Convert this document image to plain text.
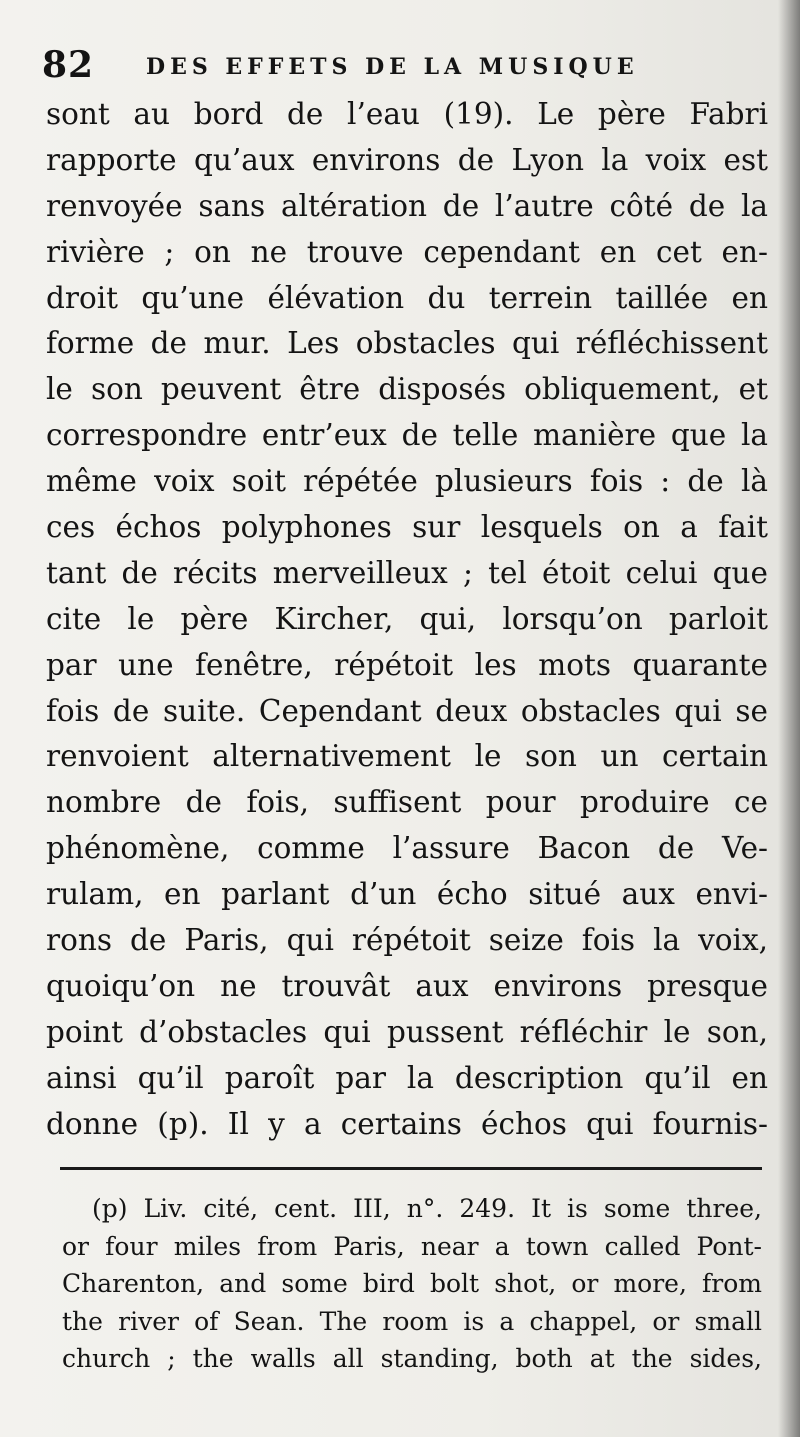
82 DES EFFETS DE LA MUSIQUE
sont au bord de l’eau (19). Le père Fabri
rapporte qu’aux environs de Lyon la voix est
renvoyée sans altération de l’autre côté de la
rivière ; on ne trouve cependant en cet en-
droit qu’une élévation du terrein taillée en
forme de mur. Les obstacles qui réfléchissent
le son peuvent être disposés obliquement, et
correspondre entr’eux de telle manière que la
même voix soit répétée plusieurs fois : de là
ces échos polyphones sur lesquels on a fait
tant de récits merveilleux ; tel étoit celui que
cite le père Kircher, qui, lorsqu’on parloit
par une fenêtre, répétoit les mots quarante
fois de suite. Cependant deux obstacles qui se
renvoient alternativement le son un certain
nombre de fois, suffisent pour produire ce
phénomène, comme l’assure Bacon de Ve-
rulam, en parlant d’un écho situé aux envi-
rons de Paris, qui répétoit seize fois la voix,
quoiqu’on ne trouvât aux environs presque
point d’obstacles qui pussent réfléchir le son,
ainsi qu’il paroît par la description qu’il en
donne (p). Il y a certains échos qui fournis-
(p) Liv. cité, cent. III, n°. 249. It is some three,
or four miles from Paris, near a town called Pont-
Charenton, and some bird bolt shot, or more, from
the river of Sean. The room is a chappel, or small
church ; the walls all standing, both at the sides,
